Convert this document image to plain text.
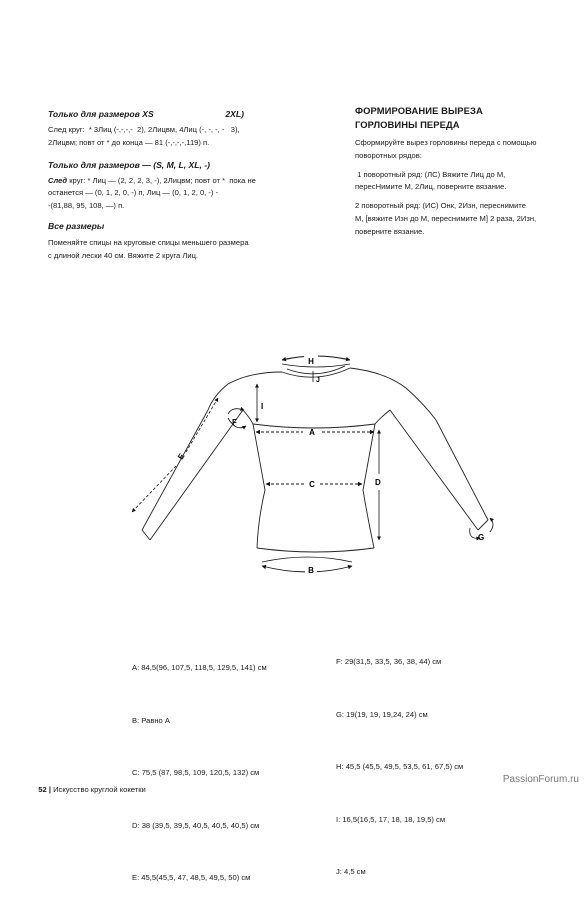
Только для размеров XS	2XL)

След круг:  * 3Лиц (-,-,-,-  2), 2Лицвм, 4Лиц (-, -, -, -   3),

2Лицвм; повт от * до конца — 81 (-,-,-,-,119) п.

Только для размеров — (S, M, L, XL, -)

След круг: * Лиц — (2, 2, 2, 3, -), 2Лицвм; повт от *  пока не

останется — (0, 1, 2, 0, -) п, Лиц — (0, 1, 2, 0, -) -

-(81,88, 95, 108, —) п.

Все размеры

Поменяйте спицы на круговые спицы меньшего размера

с длиной лески 40 см. Вяжите 2 круга Лиц.

ФОРМИРОВАНИЕ ВЫРЕЗА
ГОРЛОВИНЫ ПЕРЕДА

Сформируйте вырез горловины переда с помощью

поворотных рядов:

1 поворотный ряд: (ЛС) Вяжите Лиц до М,

пересНимите М, 2Лиц, поверните вязание.

2 поворотный ряд: (ИС) Онк, 2Изн, переснимите

М, [вяжите Изн до М, переснимите М] 2 раза, 2Изн,

поверните вязание.

H
J
I
A
C	D
B
E
F
G

A: 84,5(96, 107,5, 118,5, 129,5, 141) см

B: Равно А

C: 75,5 (87, 98,5, 109, 120,5, 132) см

D: 38 (39,5, 39,5, 40,5, 40,5, 40,5) см

E: 45,5(45,5, 47, 48,5, 49,5, 50) см

F: 29(31,5, 33,5, 36, 38, 44) см

G: 19(19, 19, 19,24, 24) см

H: 45,5 (45,5, 49,5, 53,5, 61, 67,5) см

I: 16,5(16,5, 17, 18, 18, 19,5) см

J: 4,5 см

52 | Искусство круглой кокетки

PassionForum.ru
